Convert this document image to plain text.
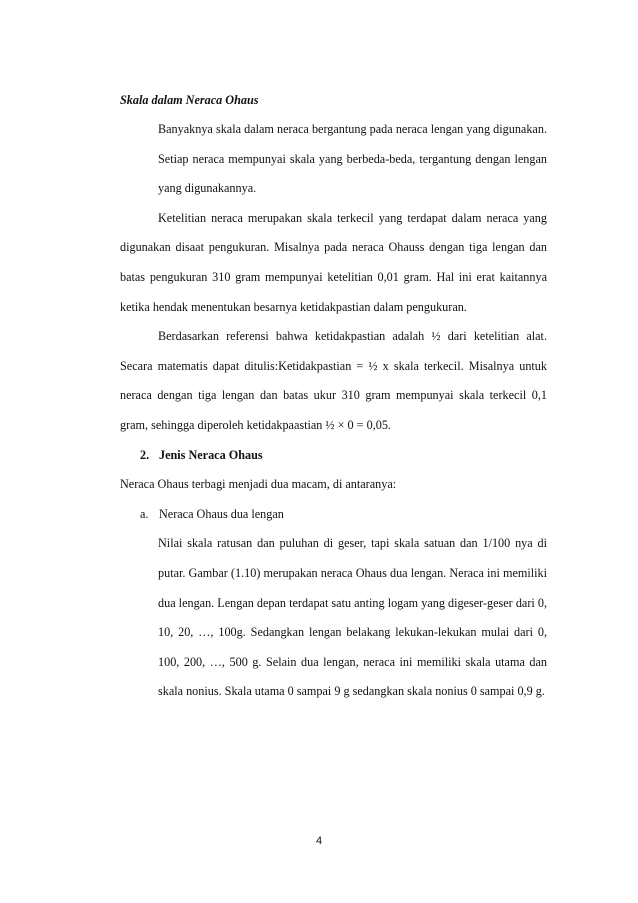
Skala dalam Neraca Ohaus

Banyaknya skala dalam neraca bergantung pada neraca lengan yang digunakan. Setiap neraca mempunyai skala yang berbeda-beda, tergantung dengan lengan yang digunakannya.

Ketelitian neraca merupakan skala terkecil yang terdapat dalam neraca yang digunakan disaat pengukuran. Misalnya pada neraca Ohauss dengan tiga lengan dan batas pengukuran 310 gram mempunyai ketelitian 0,01 gram. Hal ini erat kaitannya ketika hendak menentukan besarnya ketidakpastian dalam pengukuran.

Berdasarkan referensi bahwa ketidakpastian adalah ½ dari ketelitian alat. Secara matematis dapat ditulis:Ketidakpastian = ½ x skala terkecil. Misalnya untuk neraca dengan tiga lengan dan batas ukur 310 gram mempunyai skala terkecil 0,1 gram, sehingga diperoleh ketidakpaastian ½ × 0 = 0,05.

2. Jenis Neraca Ohaus

Neraca Ohaus terbagi menjadi dua macam, di antaranya:

a. Neraca Ohaus dua lengan

Nilai skala ratusan dan puluhan di geser, tapi skala satuan dan 1/100 nya di putar. Gambar (1.10) merupakan neraca Ohaus dua lengan. Neraca ini memiliki dua lengan. Lengan depan terdapat satu anting logam yang digeser-geser dari 0, 10, 20, …, 100g. Sedangkan lengan belakang lekukan-lekukan mulai dari 0, 100, 200, …, 500 g. Selain dua lengan, neraca ini memiliki skala utama dan skala nonius. Skala utama 0 sampai 9 g sedangkan skala nonius 0 sampai 0,9 g.

4
